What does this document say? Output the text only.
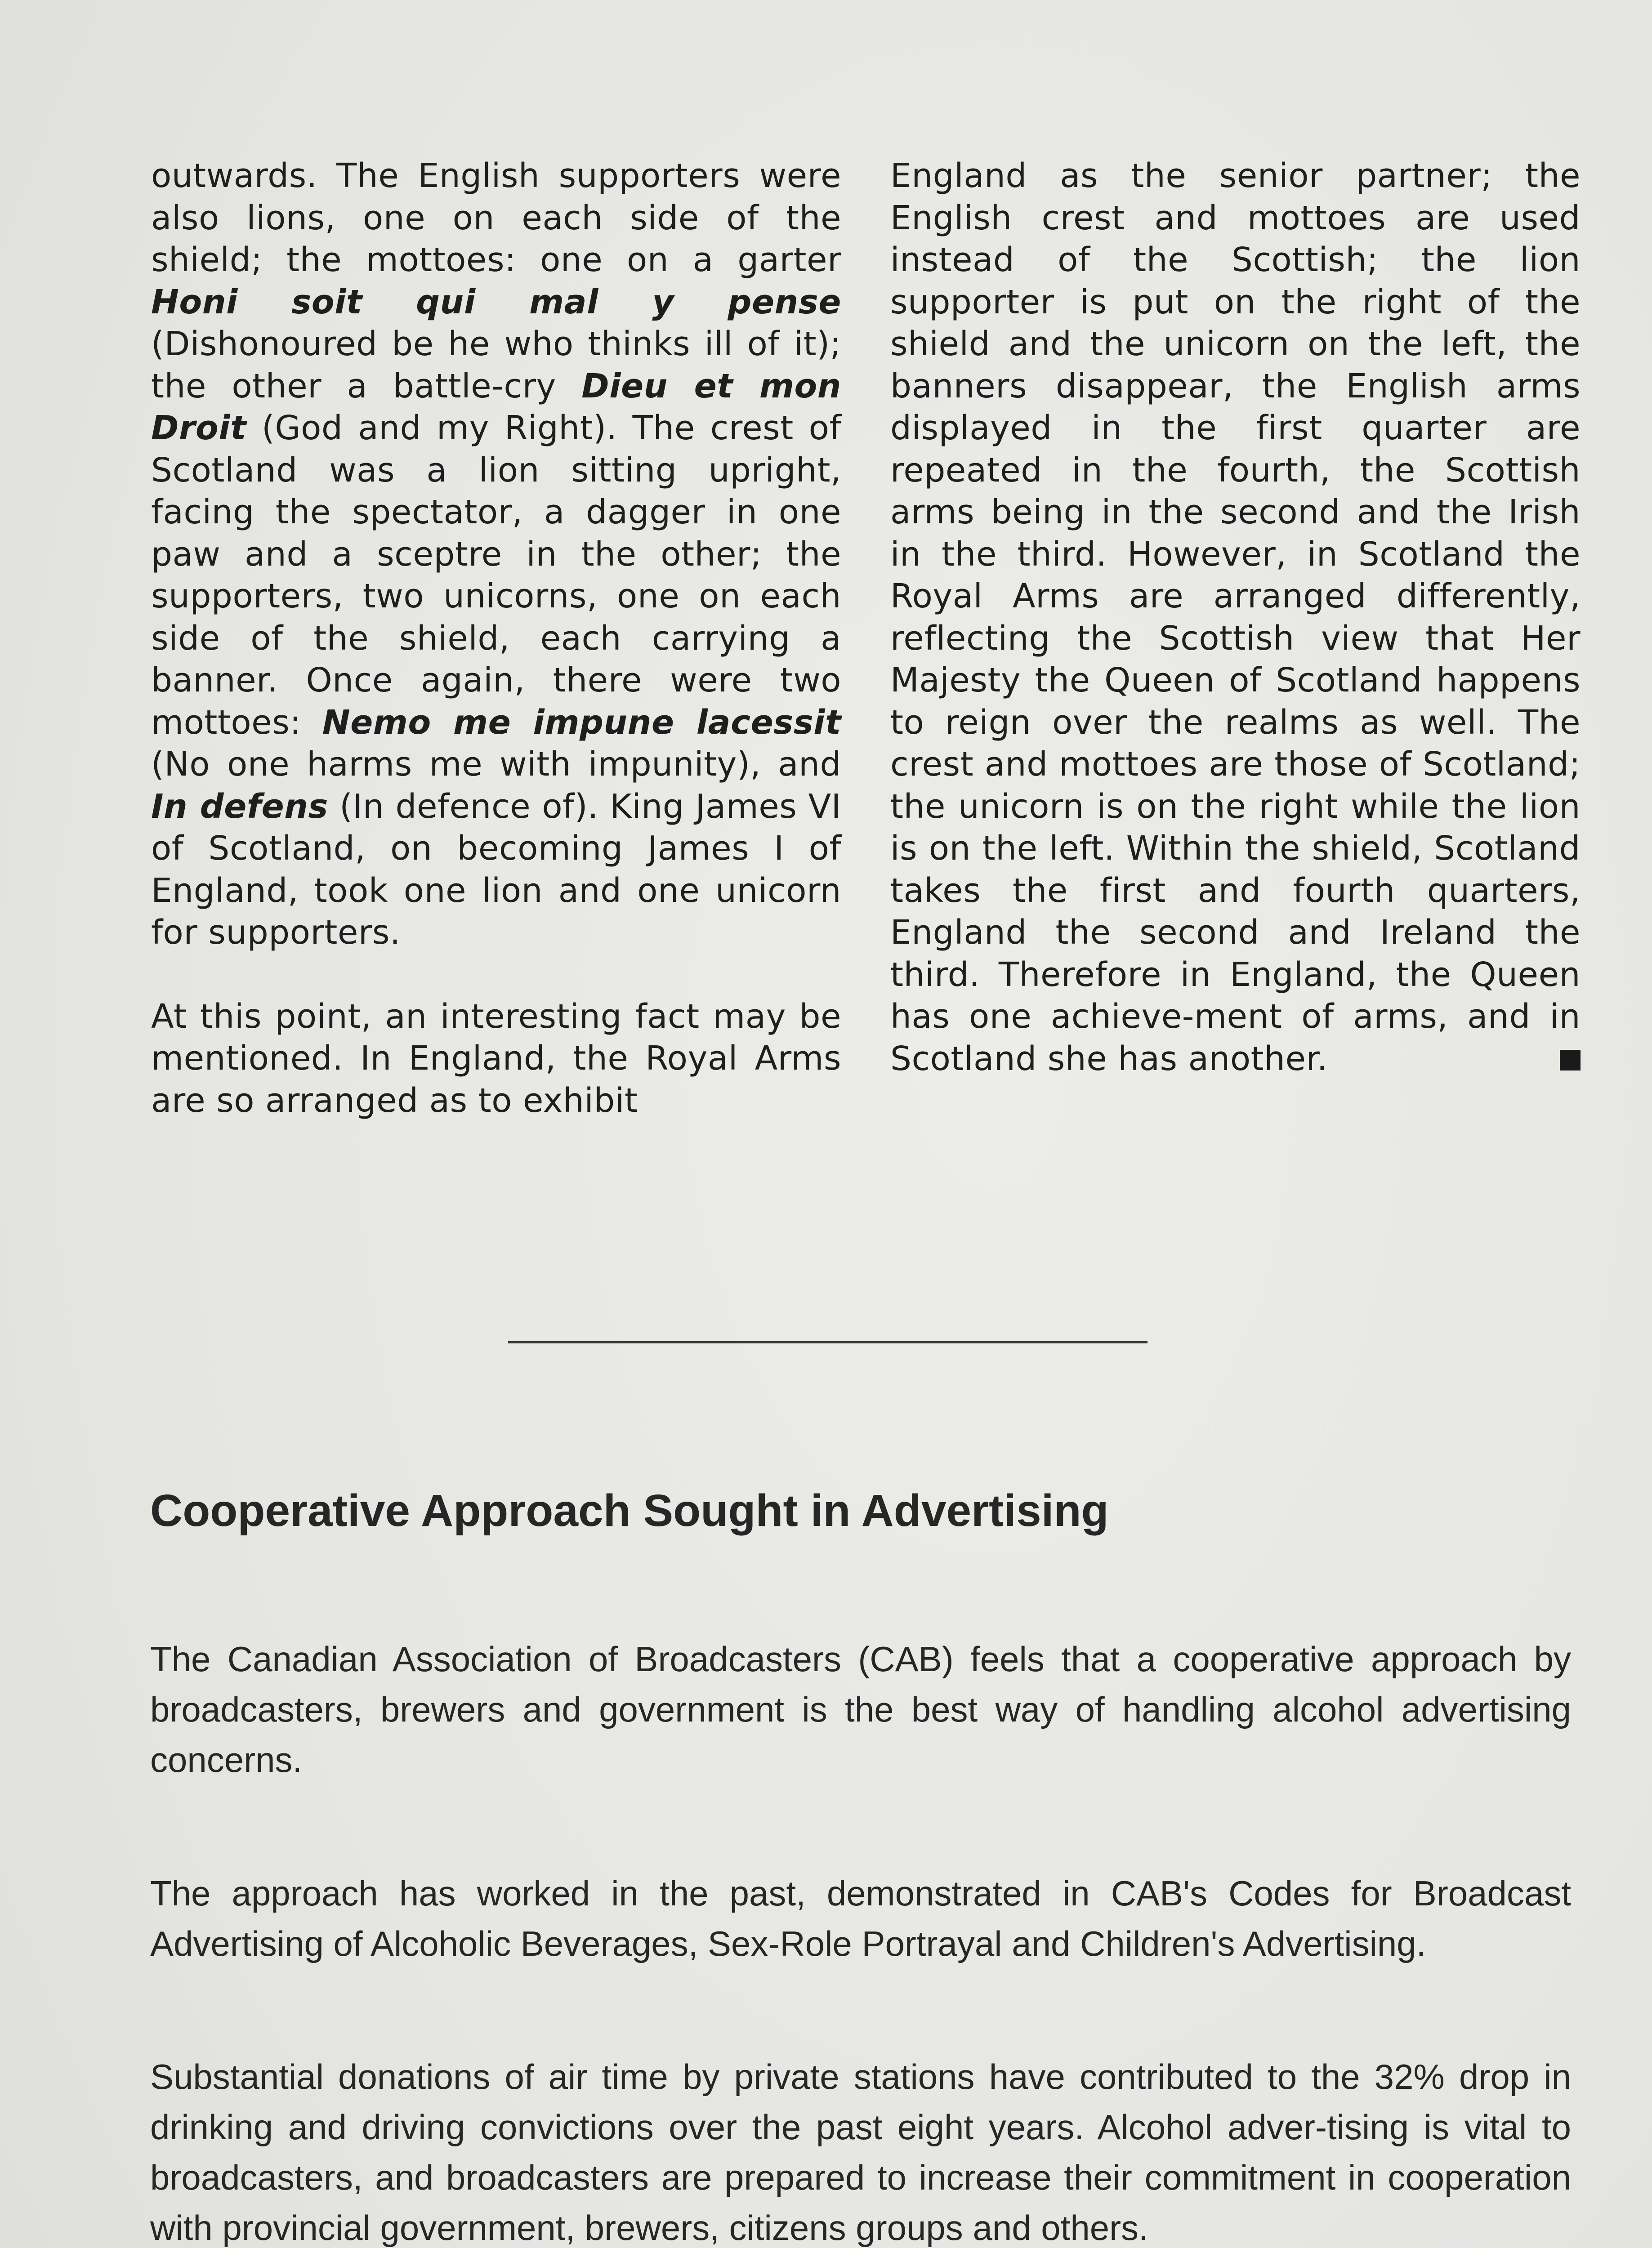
outwards. The English supporters were also lions, one on each side of the shield; the mottoes: one on a garter Honi soit qui mal y pense (Dishonoured be he who thinks ill of it); the other a battle-cry Dieu et mon Droit (God and my Right). The crest of Scotland was a lion sitting upright, facing the spectator, a dagger in one paw and a sceptre in the other; the supporters, two unicorns, one on each side of the shield, each carrying a banner. Once again, there were two mottoes: Nemo me impune lacessit (No one harms me with impunity), and In defens (In defence of). King James VI of Scotland, on becoming James I of England, took one lion and one unicorn for supporters.

At this point, an interesting fact may be mentioned. In England, the Royal Arms are so arranged as to exhibit

England as the senior partner; the English crest and mottoes are used instead of the Scottish; the lion supporter is put on the right of the shield and the unicorn on the left, the banners disappear, the English arms displayed in the first quarter are repeated in the fourth, the Scottish arms being in the second and the Irish in the third. However, in Scotland the Royal Arms are arranged differently, reflecting the Scottish view that Her Majesty the Queen of Scotland happens to reign over the realms as well. The crest and mottoes are those of Scotland; the unicorn is on the right while the lion is on the left. Within the shield, Scotland takes the first and fourth quarters, England the second and Ireland the third. Therefore in England, the Queen has one achieve-ment of arms, and in Scotland she has another.

Cooperative Approach Sought in Advertising

The Canadian Association of Broadcasters (CAB) feels that a cooperative approach by broadcasters, brewers and government is the best way of handling alcohol advertising concerns.

The approach has worked in the past, demonstrated in CAB's Codes for Broadcast Advertising of Alcoholic Beverages, Sex-Role Portrayal and Children's Advertising.

Substantial donations of air time by private stations have contributed to the 32% drop in drinking and driving convictions over the past eight years. Alcohol adver-tising is vital to broadcasters, and broadcasters are prepared to increase their commitment in cooperation with provincial government, brewers, citizens groups and others.
